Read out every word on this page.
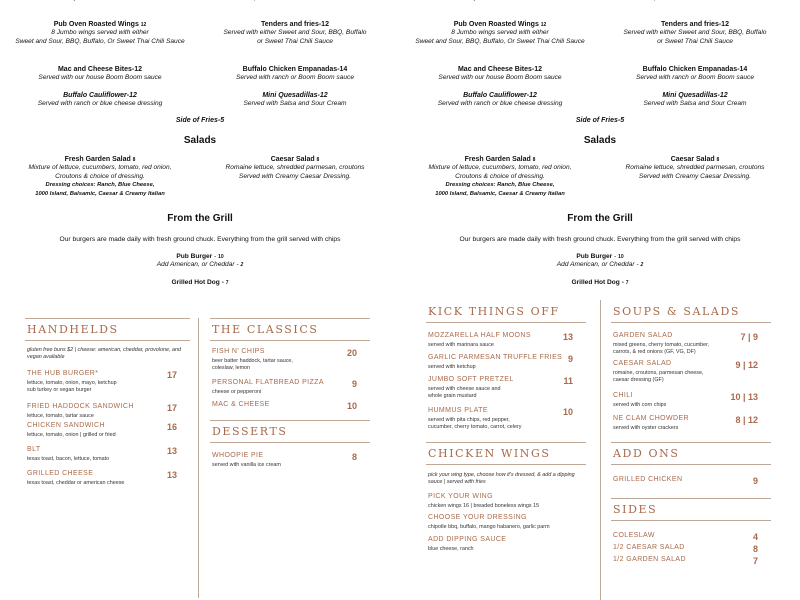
Pub Oven Roasted Wings 12
8 Jumbo wings served with either
Sweet and Sour, BBQ, Buffalo, Or Sweet Thai Chili Sauce
Tenders and fries-12
Served with either Sweet and Sour, BBQ, Buffalo
or Sweet Thai Chili Sauce
Mac and Cheese Bites-12
Served with our house Boom Boom sauce
Buffalo Chicken Empanadas-14
Served with ranch or Boom Boom sauce
Buffalo Cauliflower-12
Served with ranch or blue cheese dressing
Mini Quesadillas-12
Served with Salsa and Sour Cream
Side of Fries-5
Salads
Fresh Garden Salad 8
Mixture of lettuce, cucumbers, tomato, red onion,
Croutons & choice of dressing.
Dressing choices: Ranch, Blue Cheese,
1000 Island, Balsamic, Caesar & Creamy Italian
Caesar Salad 8
Romaine lettuce, shredded parmesan, croutons
Served with Creamy Caesar Dressing.
From the Grill
Our burgers are made daily with fresh ground chuck. Everything from the grill served with chips
Pub Burger - 10
Add American, or Cheddar - 2
Grilled Hot Dog - 7
Pub Oven Roasted Wings 12
8 Jumbo wings served with either
Sweet and Sour, BBQ, Buffalo, Or Sweet Thai Chili Sauce
Tenders and fries-12
Served with either Sweet and Sour, BBQ, Buffalo
or Sweet Thai Chili Sauce
Mac and Cheese Bites-12
Served with our house Boom Boom sauce
Buffalo Chicken Empanadas-14
Served with ranch or Boom Boom sauce
Buffalo Cauliflower-12
Served with ranch or blue cheese dressing
Mini Quesadillas-12
Served with Salsa and Sour Cream
Side of Fries-5
Salads
Fresh Garden Salad 8
Mixture of lettuce, cucumbers, tomato, red onion,
Croutons & choice of dressing.
Dressing choices: Ranch, Blue Cheese,
1000 Island, Balsamic, Caesar & Creamy Italian
Caesar Salad 8
Romaine lettuce, shredded parmesan, croutons
Served with Creamy Caesar Dressing.
From the Grill
Our burgers are made daily with fresh ground chuck. Everything from the grill served with chips
Pub Burger - 10
Add American, or Cheddar - 2
Grilled Hot Dog - 7
HANDHELDS
gluten free buns $2 | cheese: american, cheddar, provolone, and vegan available
THE HUB BURGER*	17
lettuce, tomato, onion, mayo, ketchup
sub turkey or vegan burger
FRIED HADDOCK SANDWICH	17
lettuce, tomato, tartar sauce
CHICKEN SANDWICH	16
lettuce, tomato, onion | grilled or fried
BLT	13
texas toast, bacon, lettuce, tomato
GRILLED CHEESE	13
texas toast, cheddar or american cheese
THE CLASSICS
FISH N' CHIPS	20
beer batter haddock, tartar sauce,
coleslaw, lemon
PERSONAL FLATBREAD PIZZA	9
cheese or pepperoni
MAC & CHEESE	10
DESSERTS
WHOOPIE PIE	8
served with vanilla ice cream
KICK THINGS OFF
MOZZARELLA HALF MOONS	13
served with marinara sauce
GARLIC PARMESAN TRUFFLE FRIES 9
served with ketchup
JUMBO SOFT PRETZEL	11
served with cheese sauce and
whole grain mustard
HUMMUS PLATE	10
served with pita chips, red pepper,
cucumber, cherry tomato, carrot, celery
CHICKEN WINGS
pick your wing type, choose how it's dressed, & add a dipping sauce | served with fries
PICK YOUR WING
chicken wings 16 | breaded boneless wings 15
CHOOSE YOUR DRESSING
chipotle bbq, buffalo, mango habanero, garlic parm
ADD DIPPING SAUCE
blue cheese, ranch
SOUPS & SALADS
GARDEN SALAD	7 | 9
mixed greens, cherry tomato, cucumber,
carrots, & red onions (GF, VG, DF)
CAESAR SALAD	9 | 12
romaine, croutons, parmesan cheese,
caesar dressing (GF)
CHILI	10 | 13
served with corn chips
NE CLAM CHOWDER	8 | 12
served with oyster crackers
ADD ONS
GRILLED CHICKEN	9
SIDES
COLESLAW	4
1/2 CAESAR SALAD	8
1/2 GARDEN SALAD	7
